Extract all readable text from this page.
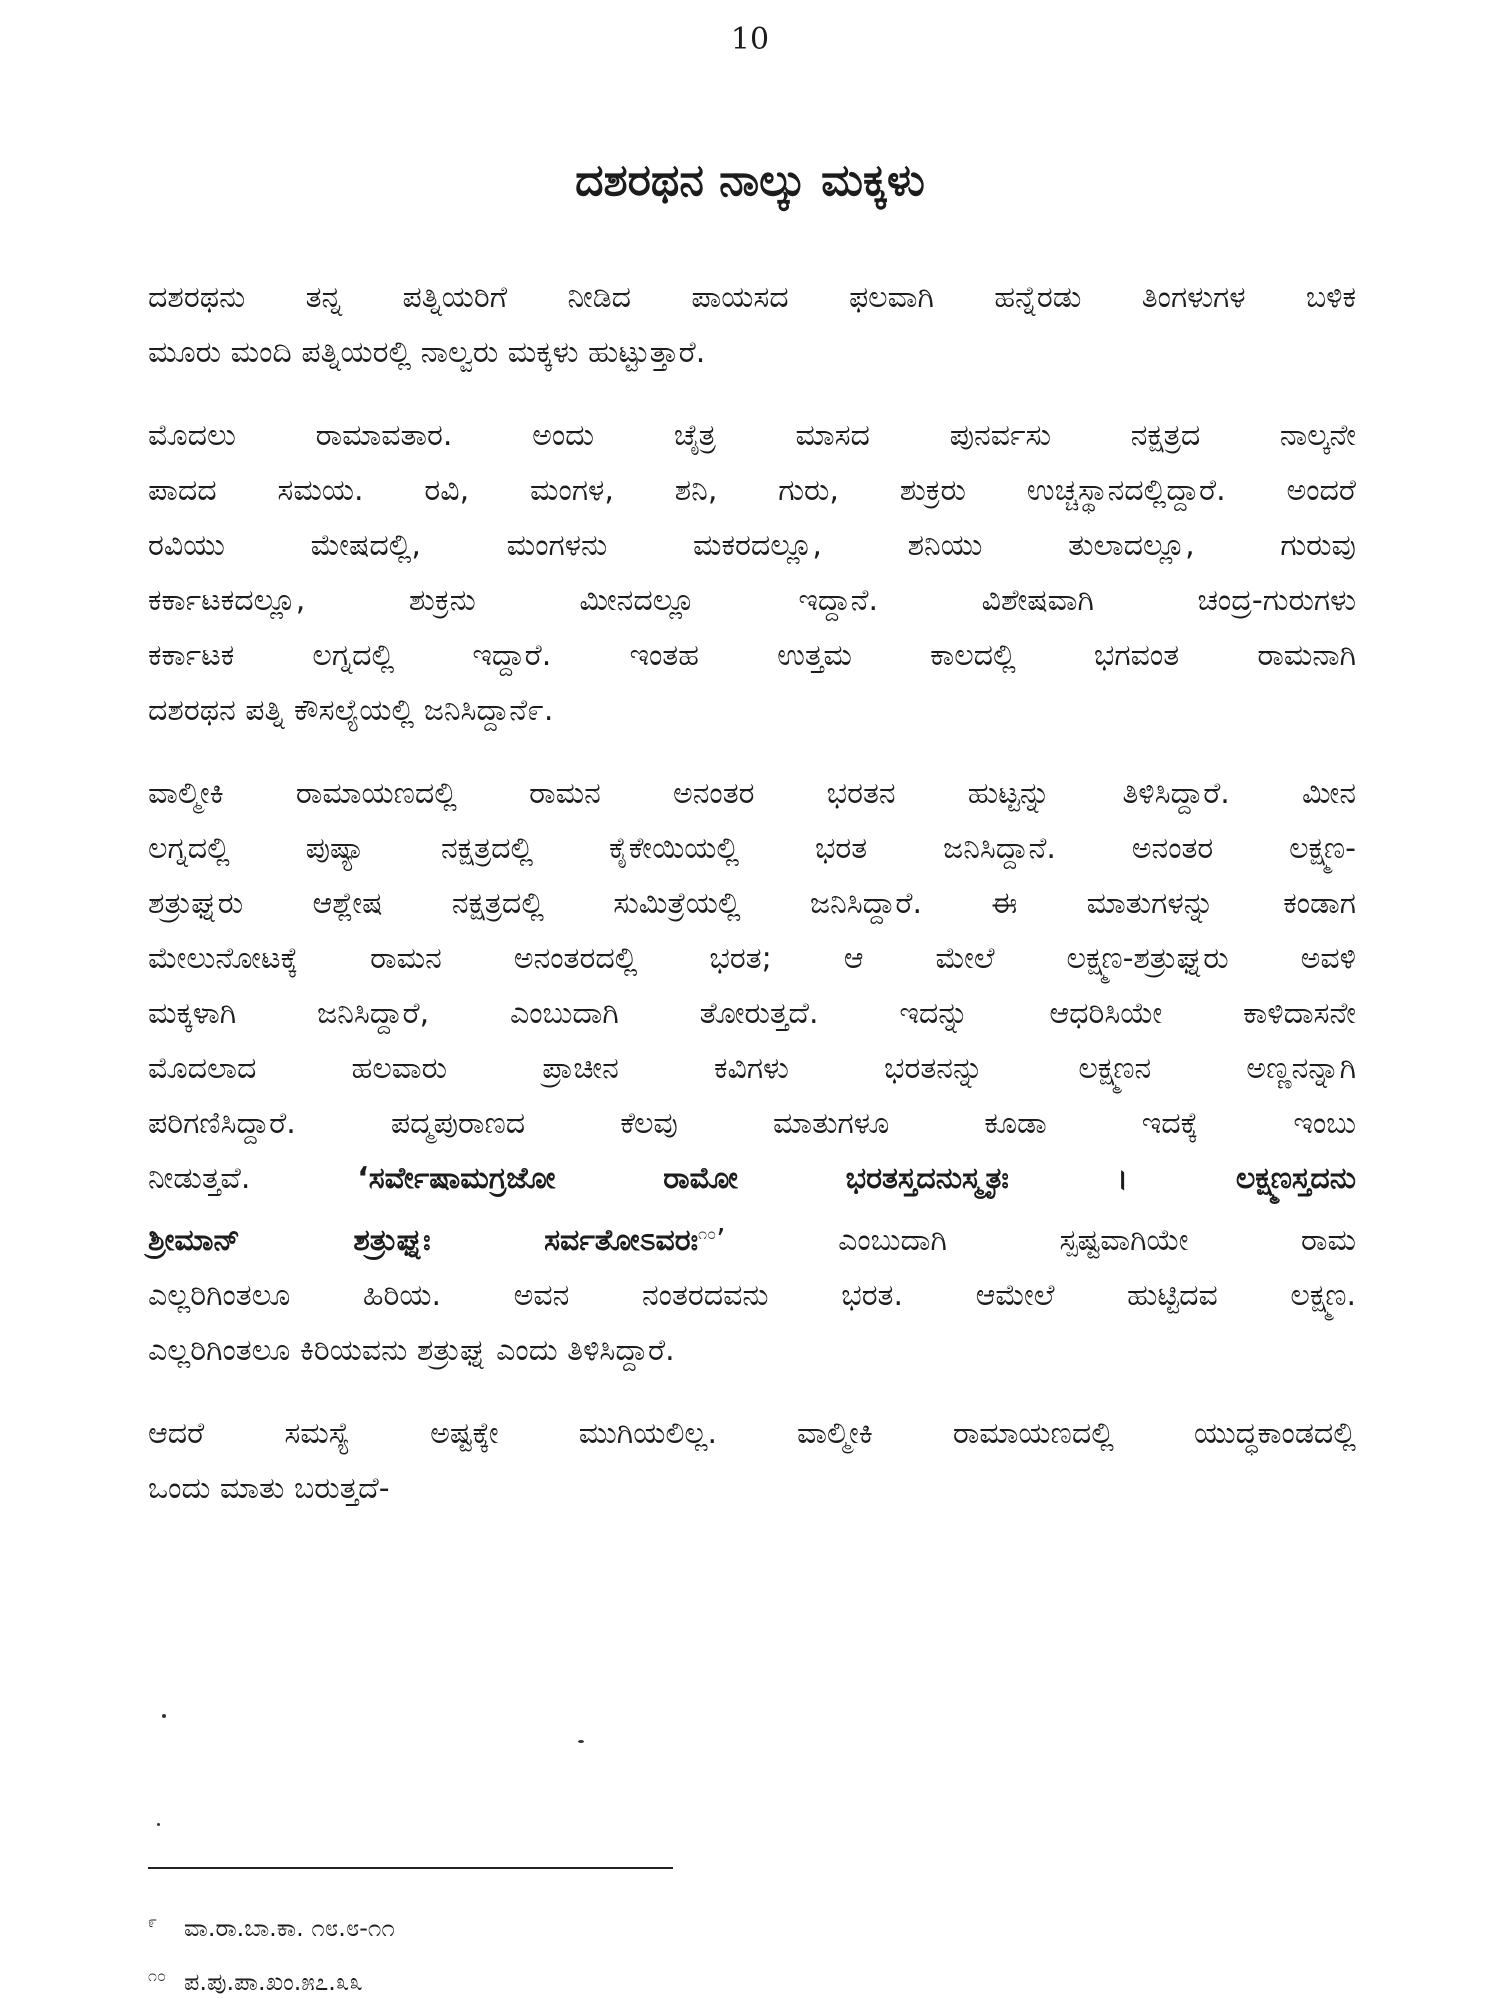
10
ದಶರಥನ ನಾಲ್ಕು ಮಕ್ಕಳು

ದಶರಥನು ತನ್ನ ಪತ್ನಿಯರಿಗೆ ನೀಡಿದ ಪಾಯಸದ ಫಲವಾಗಿ ಹನ್ನೆರಡು ತಿಂಗಳುಗಳ ಬಳಿಕ
ಮೂರು ಮಂದಿ ಪತ್ನಿಯರಲ್ಲಿ ನಾಲ್ವರು ಮಕ್ಕಳು ಹುಟ್ಟುತ್ತಾರೆ.

ಮೊದಲು ರಾಮಾವತಾರ. ಅಂದು ಚೈತ್ರ ಮಾಸದ ಪುನರ್ವಸು ನಕ್ಷತ್ರದ ನಾಲ್ಕನೇ
ಪಾದದ ಸಮಯ. ರವಿ, ಮಂಗಳ, ಶನಿ, ಗುರು, ಶುಕ್ರರು ಉಚ್ಚಸ್ಥಾನದಲ್ಲಿದ್ದಾರೆ. ಅಂದರೆ
ರವಿಯು ಮೇಷದಲ್ಲಿ, ಮಂಗಳನು ಮಕರದಲ್ಲೂ, ಶನಿಯು ತುಲಾದಲ್ಲೂ, ಗುರುವು
ಕರ್ಕಾಟಕದಲ್ಲೂ, ಶುಕ್ರನು ಮೀನದಲ್ಲೂ ಇದ್ದಾನೆ. ವಿಶೇಷವಾಗಿ ಚಂದ್ರ-ಗುರುಗಳು
ಕರ್ಕಾಟಕ ಲಗ್ನದಲ್ಲಿ ಇದ್ದಾರೆ. ಇಂತಹ ಉತ್ತಮ ಕಾಲದಲ್ಲಿ ಭಗವಂತ ರಾಮನಾಗಿ
ದಶರಥನ ಪತ್ನಿ ಕೌಸಲ್ಯೆಯಲ್ಲಿ ಜನಿಸಿದ್ದಾನೆ೯.

ವಾಲ್ಮೀಕಿ ರಾಮಾಯಣದಲ್ಲಿ ರಾಮನ ಅನಂತರ ಭರತನ ಹುಟ್ಟನ್ನು ತಿಳಿಸಿದ್ದಾರೆ. ಮೀನ
ಲಗ್ನದಲ್ಲಿ ಪುಷ್ಯಾ ನಕ್ಷತ್ರದಲ್ಲಿ ಕೈಕೇಯಿಯಲ್ಲಿ ಭರತ ಜನಿಸಿದ್ದಾನೆ. ಅನಂತರ ಲಕ್ಷ್ಮಣ-
ಶತ್ರುಘ್ನರು ಆಶ್ಲೇಷ ನಕ್ಷತ್ರದಲ್ಲಿ ಸುಮಿತ್ರೆಯಲ್ಲಿ ಜನಿಸಿದ್ದಾರೆ. ಈ ಮಾತುಗಳನ್ನು ಕಂಡಾಗ
ಮೇಲುನೋಟಕ್ಕೆ ರಾಮನ ಅನಂತರದಲ್ಲಿ ಭರತ; ಆ ಮೇಲೆ ಲಕ್ಷ್ಮಣ-ಶತ್ರುಘ್ನರು ಅವಳಿ
ಮಕ್ಕಳಾಗಿ ಜನಿಸಿದ್ದಾರೆ, ಎಂಬುದಾಗಿ ತೋರುತ್ತದೆ. ಇದನ್ನು ಆಧರಿಸಿಯೇ ಕಾಳಿದಾಸನೇ
ಮೊದಲಾದ ಹಲವಾರು ಪ್ರಾಚೀನ ಕವಿಗಳು ಭರತನನ್ನು ಲಕ್ಷ್ಮಣನ ಅಣ್ಣನನ್ನಾಗಿ
ಪರಿಗಣಿಸಿದ್ದಾರೆ. ಪದ್ಮಪುರಾಣದ ಕೆಲವು ಮಾತುಗಳೂ ಕೂಡಾ ಇದಕ್ಕೆ ಇಂಬು
ನೀಡುತ್ತವೆ. ‘ಸರ್ವೇಷಾಮಗ್ರಜೋ ರಾಮೋ ಭರತಸ್ತದನುಸ್ಮೃತಃ । ಲಕ್ಷ್ಮಣಸ್ತದನು
ಶ್ರೀಮಾನ್ ಶತ್ರುಘ್ನಃ ಸರ್ವತೋಽವರಃ$^{೧೦}$’ ಎಂಬುದಾಗಿ ಸ್ಪಷ್ಟವಾಗಿಯೇ ರಾಮ
ಎಲ್ಲರಿಗಿಂತಲೂ ಹಿರಿಯ. ಅವನ ನಂತರದವನು ಭರತ. ಆಮೇಲೆ ಹುಟ್ಟಿದವ ಲಕ್ಷ್ಮಣ.
ಎಲ್ಲರಿಗಿಂತಲೂ ಕಿರಿಯವನು ಶತ್ರುಘ್ನ ಎಂದು ತಿಳಿಸಿದ್ದಾರೆ.

ಆದರೆ ಸಮಸ್ಯೆ ಅಷ್ಟಕ್ಕೇ ಮುಗಿಯಲಿಲ್ಲ. ವಾಲ್ಮೀಕಿ ರಾಮಾಯಣದಲ್ಲಿ ಯುದ್ಧಕಾಂಡದಲ್ಲಿ
ಒಂದು ಮಾತು ಬರುತ್ತದೆ-

೯ ವಾ.ರಾ.ಬಾ.ಕಾ. ೧೮.೮-೧೧
೧೦ ಪ.ಪು.ಪಾ.ಖಂ.೫೭.೩೩
